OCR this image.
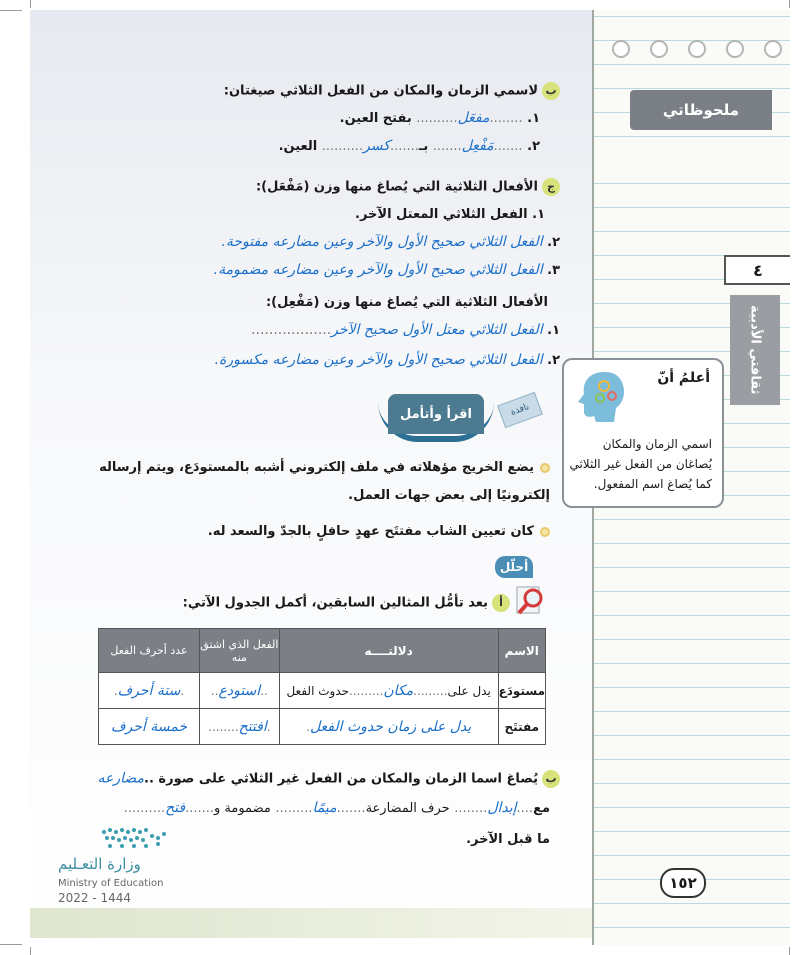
ملحوظاتي
٤
ثقافتي الأدبية
أعلمُ أنّ
اسمي الزمان والمكان يُصاغان من الفعل غير الثلاثي كما يُصاغ اسم المفعول.
١٥٢
بلاسمي الزمان والمكان من الفعل الثلاثي صيغتان:
١. ........مفعَل.......... بفتح العين.
٢. .......مَفْعِل....... بـ.......كسر.......... العين.
جالأفعال الثلاثية التي يُصاغ منها وزن (مَفْعَل):
١. الفعل الثلاثي المعتل الآخر.
٢. الفعل الثلاثي صحيح الأول والآخر وعين مضارعه مفتوحة.
٣. الفعل الثلاثي صحيح الأول والآخر وعين مضارعه مضمومة.
الأفعال الثلاثية التي يُصاغ منها وزن (مَفْعِل):
١. الفعل الثلاثي معتل الأول صحيح الآخر..................
٢. الفعل الثلاثي صحيح الأول والآخر وعين مضارعه مكسورة.
اقرأ وأتأمل	نافذة
يضع الخريج مؤهلاته في ملف إلكتروني أشبه بالمستودَع، ويتم إرساله
إلكترونيًا إلى بعض جهات العمل.
كان تعيين الشاب مفتتَح عهدٍ حافلٍ بالجدّ والسعد له.
أحلّل
أبعد تأمُّل المثالين السابقين، أكمل الجدول الآتي:
الاسم	دلالتــــه	الفعل الذي اشتق منه	عدد أحرف الفعل
مستودَع	يدل على.........مكان.........حدوث الفعل	..استودع..	.ستة أحرف.
مفتتَح	يدل على زمان حدوث الفعل.	.افتتح........	خمسة أحرف
بيُصاغ اسما الزمان والمكان من الفعل غير الثلاثي على صورة ..مضارعه
مع....إبدال........ حرف المضارعة.......ميمًا......... مضمومة و.......فتح..........
ما قبل الآخر.
وزارة التعـليم
Ministry of Education
2022 - 1444
